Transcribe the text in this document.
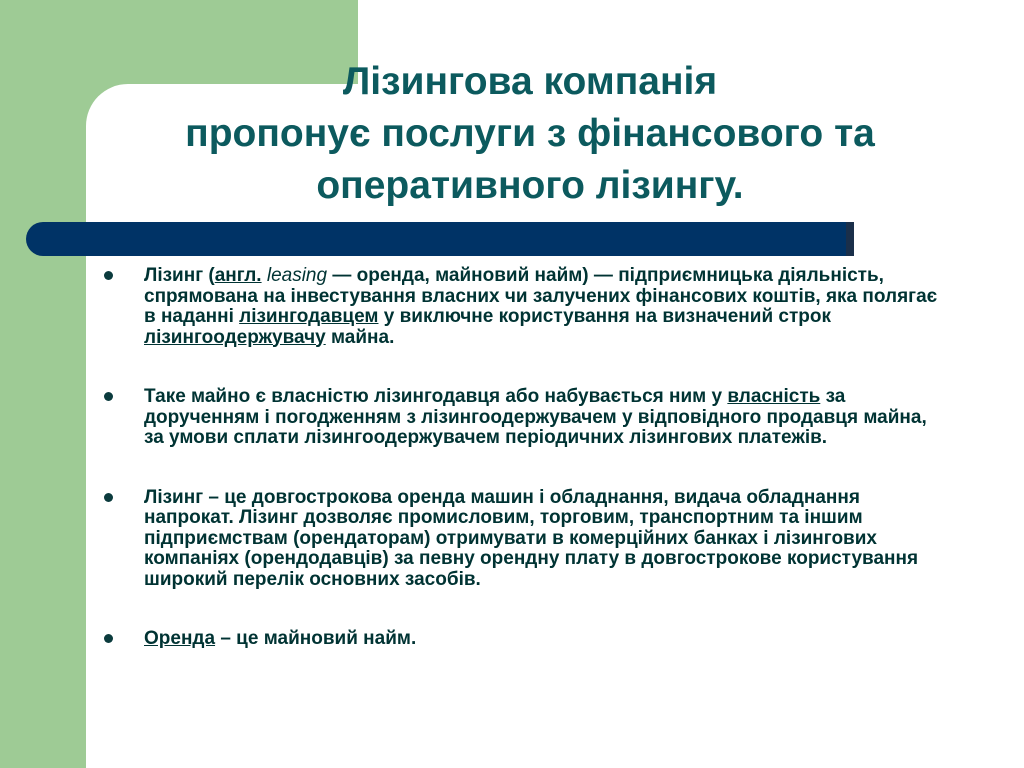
Лізингова компанія
пропонує послуги з фінансового та
оперативного лізингу.
Лізинг (англ. leasing — оренда, майновий найм) — підприємницька діяльність, спрямована на інвестування власних чи залучених фінансових коштів, яка полягає в наданні лізингодавцем у виключне користування на визначений строк лізингоодержувачу майна.
Таке майно є власністю лізингодавця або набувається ним у власність за дорученням і погодженням з лізингоодержувачем у відповідного продавця майна, за умови сплати лізингоодержувачем періодичних лізингових платежів.
Лізинг – це довгострокова оренда машин і обладнання, видача обладнання напрокат. Лізинг дозволяє промисловим, торговим, транспортним та іншим підприємствам (орендаторам) отримувати в комерційних банках і лізингових компаніях (орендодавців) за певну орендну плату в довгострокове користування широкий перелік основних засобів.
Оренда – це майновий найм.
